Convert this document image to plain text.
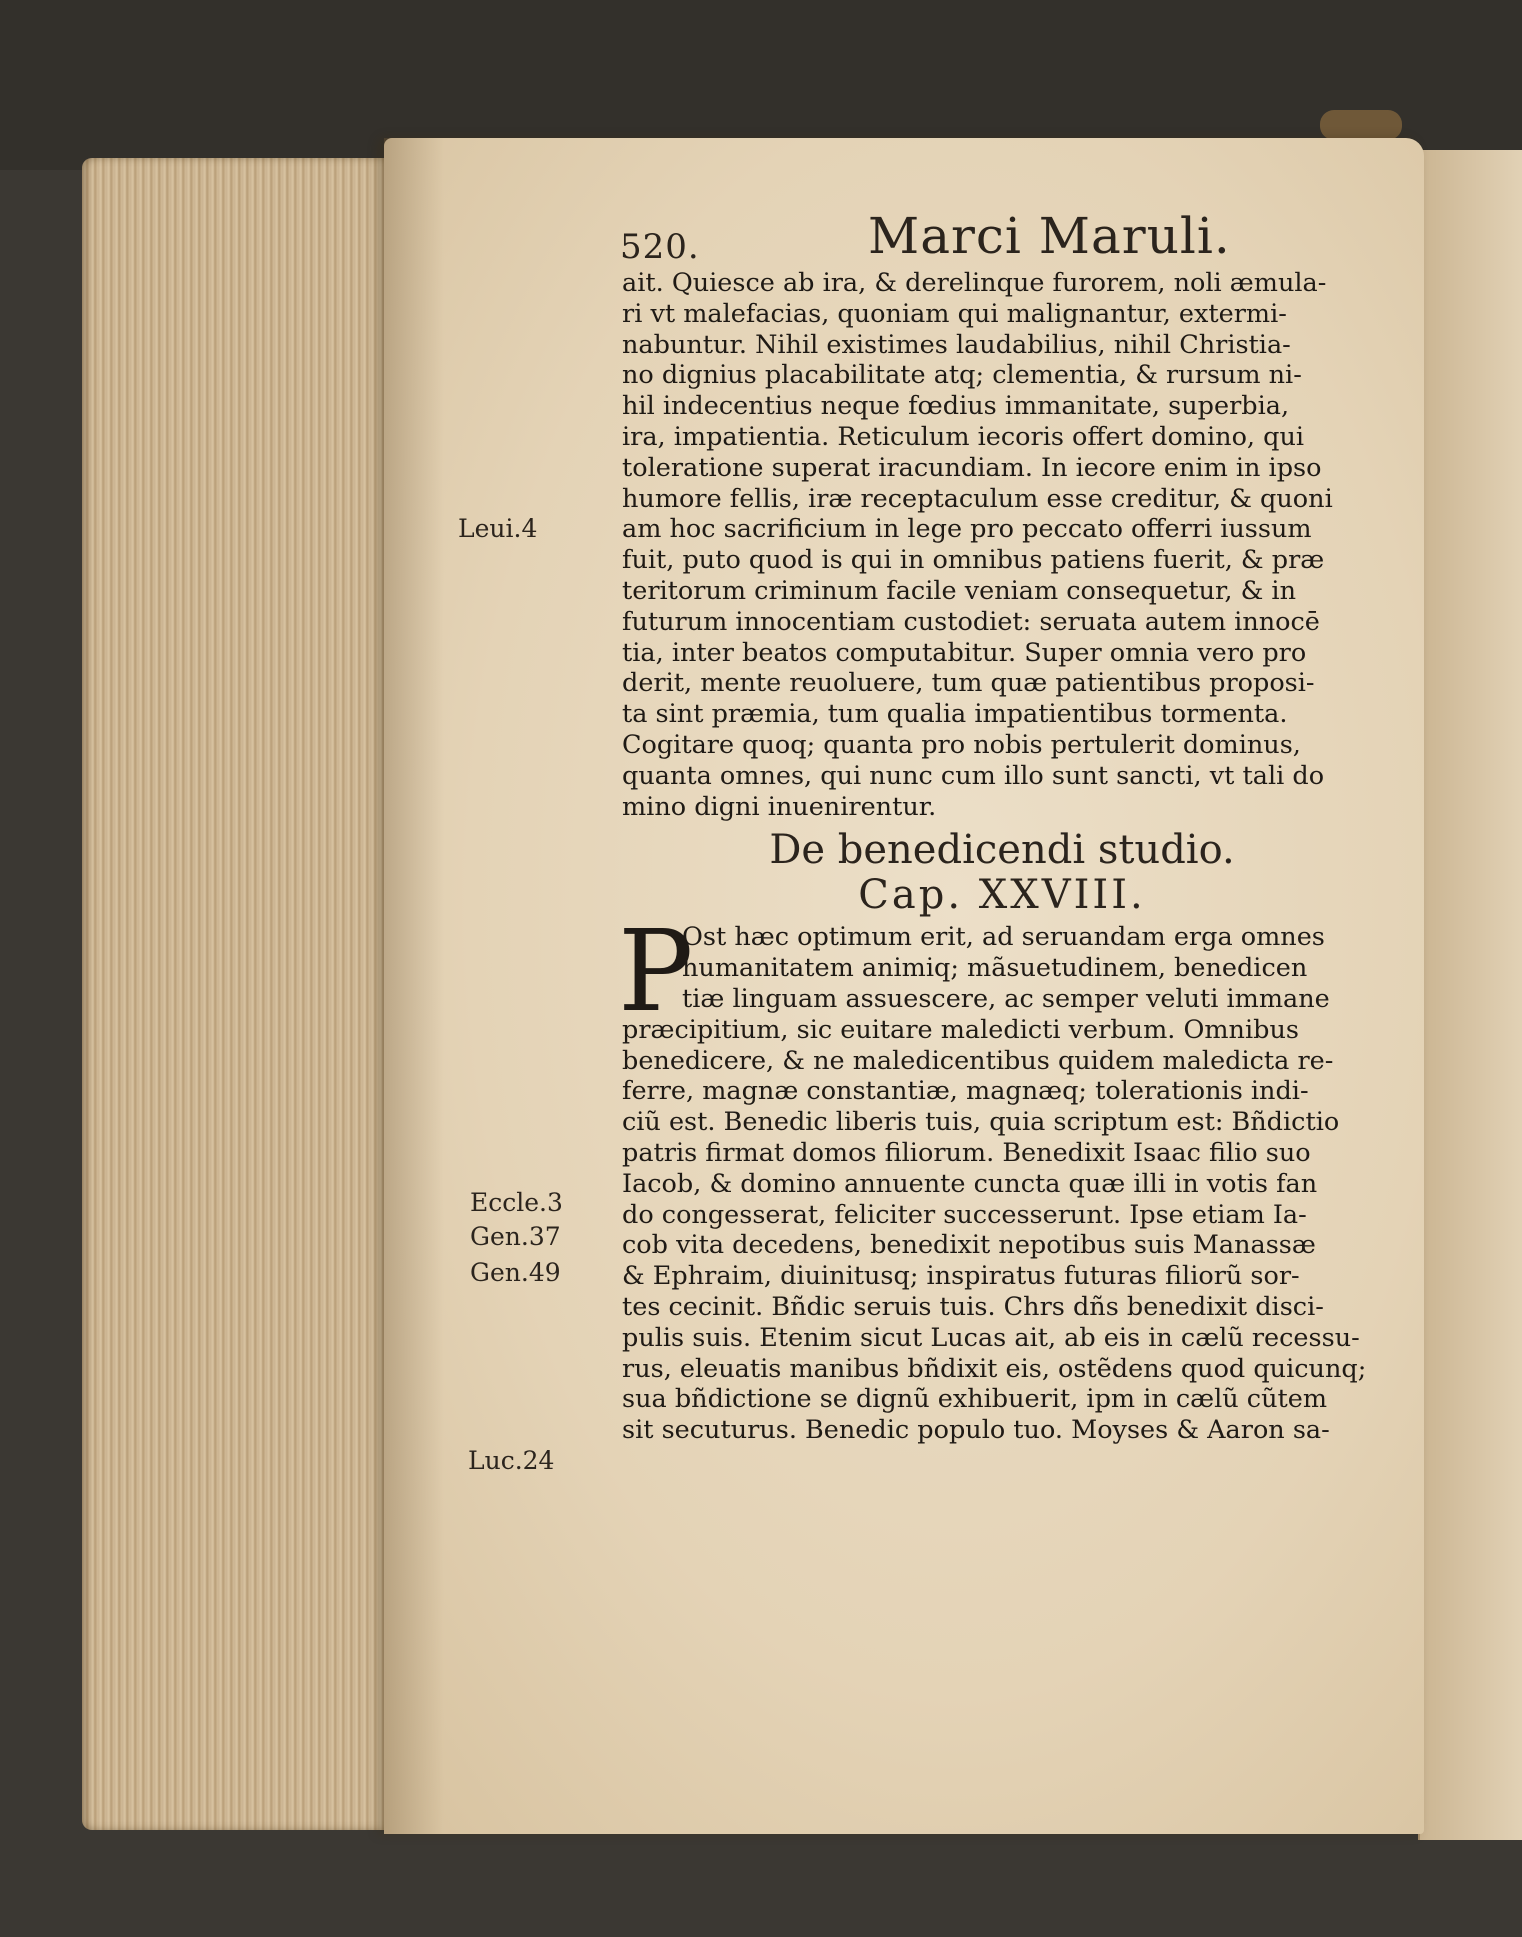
520.	Marci Maruli.
Leui.4
Eccle.3
Gen.37
Gen.49
Luc.24
ait. Quiesce ab ira, & derelinque furorem, noli æmula-
ri vt malefacias, quoniam qui malignantur, extermi-
nabuntur. Nihil existimes laudabilius, nihil Christia-
no dignius placabilitate atq; clementia, & rursum ni-
hil indecentius neque fœdius immanitate, superbia,
ira, impatientia. Reticulum iecoris offert domino, qui
toleratione superat iracundiam. In iecore enim in ipso
humore fellis, iræ receptaculum esse creditur, & quoni
am hoc sacrificium in lege pro peccato offerri iussum
fuit, puto quod is qui in omnibus patiens fuerit, & præ
teritorum criminum facile veniam consequetur, & in
futurum innocentiam custodiet: seruata autem innocē
tia, inter beatos computabitur. Super omnia vero pro
derit, mente reuoluere, tum quæ patientibus proposi-
ta sint præmia, tum qualia impatientibus tormenta.
Cogitare quoq; quanta pro nobis pertulerit dominus,
quanta omnes, qui nunc cum illo sunt sancti, vt tali do
mino digni inuenirentur.
De benedicendi studio.
Cap. XXVIII.
P
Ost hæc optimum erit, ad seruandam erga omnes
humanitatem animiq; mãsuetudinem, benedicen
tiæ linguam assuescere, ac semper veluti immane
præcipitium, sic euitare maledicti verbum. Omnibus
benedicere, & ne maledicentibus quidem maledicta re-
ferre, magnæ constantiæ, magnæq; tolerationis indi-
ciũ est. Benedic liberis tuis, quia scriptum est: Bñdictio
patris firmat domos filiorum. Benedixit Isaac filio suo
Iacob, & domino annuente cuncta quæ illi in votis fan
do congesserat, feliciter successerunt. Ipse etiam Ia-
cob vita decedens, benedixit nepotibus suis Manassæ
& Ephraim, diuinitusq; inspiratus futuras filiorũ sor-
tes cecinit. Bñdic seruis tuis. Chrs dñs benedixit disci-
pulis suis. Etenim sicut Lucas ait, ab eis in cælũ recessu-
rus, eleuatis manibus bñdixit eis, ostẽdens quod quicunq;
sua bñdictione se dignũ exhibuerit, ipm in cælũ cũtem
sit secuturus. Benedic populo tuo. Moyses & Aaron sa-
